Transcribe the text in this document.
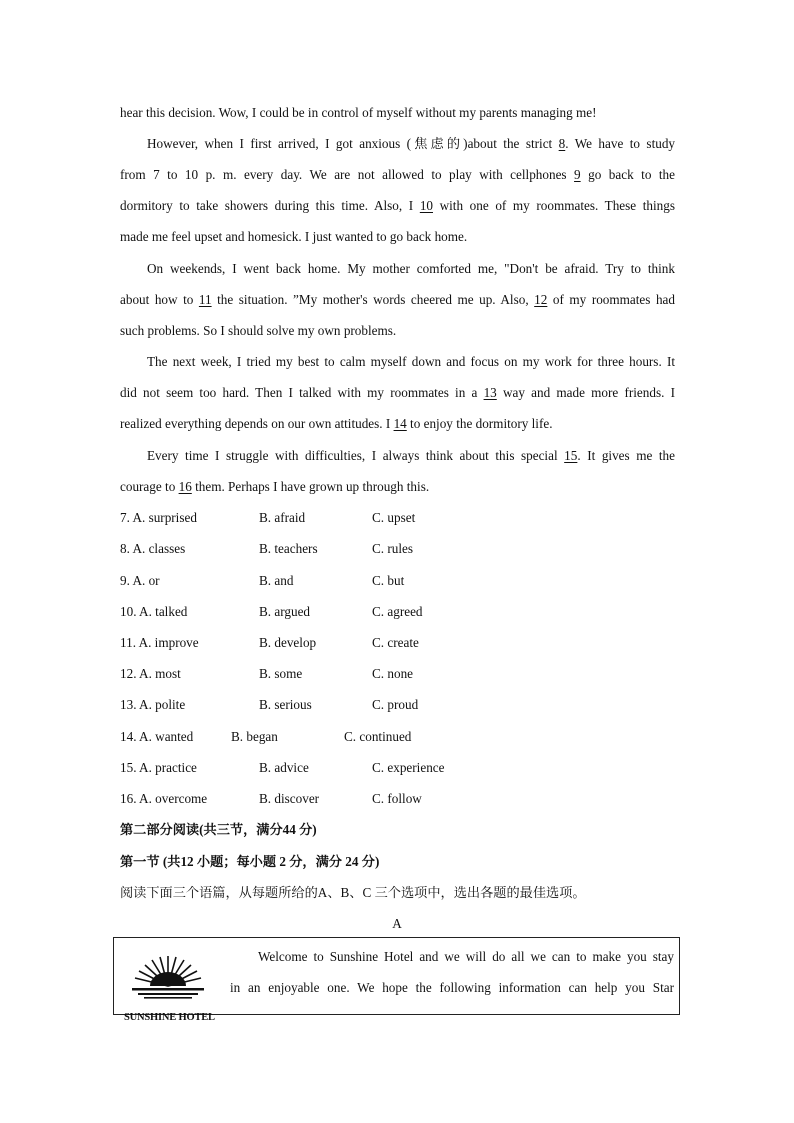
hear this decision. Wow, I could be in control of myself without my parents managing me!
However, when I first arrived, I got anxious (焦虑的)about the strict 8. We have to study
from 7 to 10 p. m. every day. We are not allowed to play with cellphones 9 go back to the
dormitory to take showers during this time. Also, I 10 with one of my roommates. These things
made me feel upset and homesick. I just wanted to go back home.
On weekends, I went back home. My mother comforted me, "Don't be afraid. Try to think
about how to 11 the situation. ”My mother's words cheered me up. Also, 12 of my roommates had
such problems. So I should solve my own problems.
The next week, I tried my best to calm myself down and focus on my work for three hours. It
did not seem too hard. Then I talked with my roommates in a 13 way and made more friends. I
realized everything depends on our own attitudes. I 14 to enjoy the dormitory life.
Every time I struggle with difficulties, I always think about this special 15. It gives me the
courage to 16 them. Perhaps I have grown up through this.
7. A. surprised	B. afraid	C. upset
8. A. classes	B. teachers	C. rules
9. A. or	B. and	C. but
10. A. talked	B. argued	C. agreed
11. A. improve	B. develop	C. create
12. A. most	B. some	C. none
13. A. polite	B. serious	C. proud
14. A. wanted	B. began	C. continued
15. A. practice	B. advice	C. experience
16. A. overcome	B. discover	C. follow
第二部分阅读(共三节，满分44 分)
第一节 (共12 小题；每小题 2 分，满分 24 分)
阅读下面三个语篇，从每题所给的A、B、C 三个选项中，选出各题的最佳选项。
A
SUNSHINE HOTEL
Welcome to Sunshine Hotel and we will do all we can to make you stay
in an enjoyable one. We hope the following information can help you Star
